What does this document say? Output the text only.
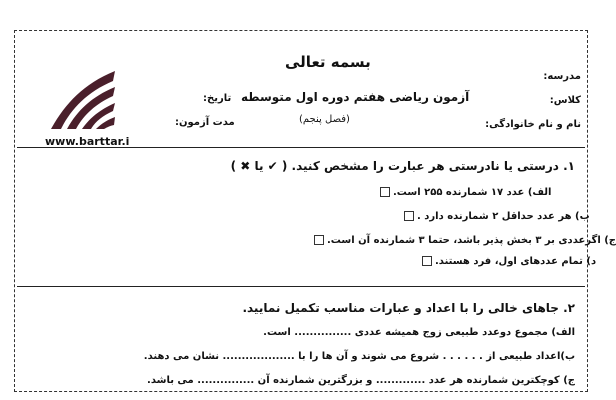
www.barttar.i
بسمه تعالی
آزمون ریاضی هفتم دوره اول متوسطه
(فصل پنجم)
مدرسه:
کلاس:
نام و نام خانوادگی:
تاریخ:
مدت آزمون:
۱. درستی یا نادرستی هر عبارت را مشخص کنید. ( ✔ یا ✖ )
الف) عدد ۱۷ شمارنده ۲۵۵ است.
ب) هر عدد حداقل ۲ شمارنده دارد .
ج) اگرعددی بر ۳ بخش پذیر باشد، حتما ۳ شمارنده آن است.
د) تمام عددهای اول، فرد هستند.
۲. جاهای خالی را با اعداد و عبارات مناسب تکمیل نمایید.
الف) مجموع دوعدد طبیعی زوج همیشه عددی ............... است.
ب)اعداد طبیعی از . . . . . . شروع می شوند و آن ها را با ................... نشان می دهند.
ج) کوچکترین شمارنده هر عدد ............. و بزرگترین شمارنده آن ............... می باشد.
